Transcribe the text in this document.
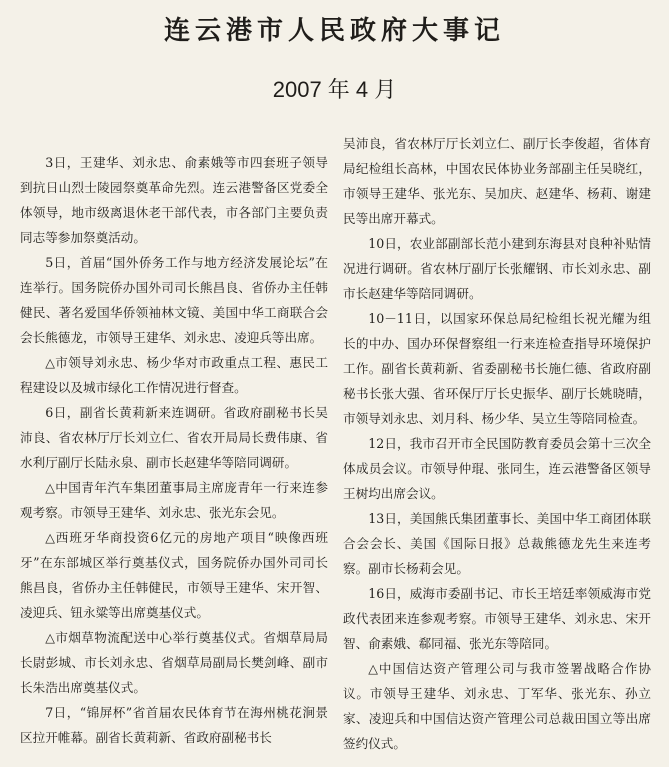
连云港市人民政府大事记
2007 年 4 月

3日，王建华、刘永忠、俞素娥等市四套班子领导到抗日山烈士陵园祭奠革命先烈。连云港警备区党委全体领导，地市级离退休老干部代表，市各部门主要负责同志等参加祭奠活动。

5日，首届“国外侨务工作与地方经济发展论坛”在连举行。国务院侨办国外司司长熊昌良、省侨办主任韩健民、著名爱国华侨领袖林文镜、美国中华工商联合会会长熊德龙，市领导王建华、刘永忠、凌迎兵等出席。

△市领导刘永忠、杨少华对市政重点工程、惠民工程建设以及城市绿化工作情况进行督查。

6日，副省长黄莉新来连调研。省政府副秘书长吴沛良、省农林厅厅长刘立仁、省农开局局长费伟康、省水利厅副厅长陆永泉、副市长赵建华等陪同调研。

△中国青年汽车集团董事局主席庞青年一行来连参观考察。市领导王建华、刘永忠、张光东会见。

△西班牙华商投资6亿元的房地产项目“映像西班牙”在东部城区举行奠基仪式，国务院侨办国外司司长熊昌良，省侨办主任韩健民，市领导王建华、宋开智、凌迎兵、钮永粱等出席奠基仪式。

△市烟草物流配送中心举行奠基仪式。省烟草局局长尉彭城、市长刘永忠、省烟草局副局长樊剑峰、副市长朱浩出席奠基仪式。

7日，“锦屏杯”省首届农民体育节在海州桃花涧景区拉开帷幕。副省长黄莉新、省政府副秘书长

吴沛良，省农林厅厅长刘立仁、副厅长李俊超，省体育局纪检组长高林，中国农民体协业务部副主任吴晓红，市领导王建华、张光东、吴加庆、赵建华、杨莉、谢建民等出席开幕式。

10日，农业部副部长范小建到东海县对良种补贴情况进行调研。省农林厅副厅长张耀钢、市长刘永忠、副市长赵建华等陪同调研。

10－11日，以国家环保总局纪检组长祝光耀为组长的中办、国办环保督察组一行来连检查指导环境保护工作。副省长黄莉新、省委副秘书长施仁德、省政府副秘书长张大强、省环保厅厅长史振华、副厅长姚晓晴，市领导刘永忠、刘月科、杨少华、吴立生等陪同检查。

12日，我市召开市全民国防教育委员会第十三次全体成员会议。市领导仲琨、张同生，连云港警备区领导王树均出席会议。

13日，美国熊氏集团董事长、美国中华工商团体联合会会长、美国《国际日报》总裁熊德龙先生来连考察。副市长杨莉会见。

16日，威海市委副书记、市长王培廷率领威海市党政代表团来连参观考察。市领导王建华、刘永忠、宋开智、俞素娥、郗同福、张光东等陪同。

△中国信达资产管理公司与我市签署战略合作协议。市领导王建华、刘永忠、丁军华、张光东、孙立家、凌迎兵和中国信达资产管理公司总裁田国立等出席签约仪式。
